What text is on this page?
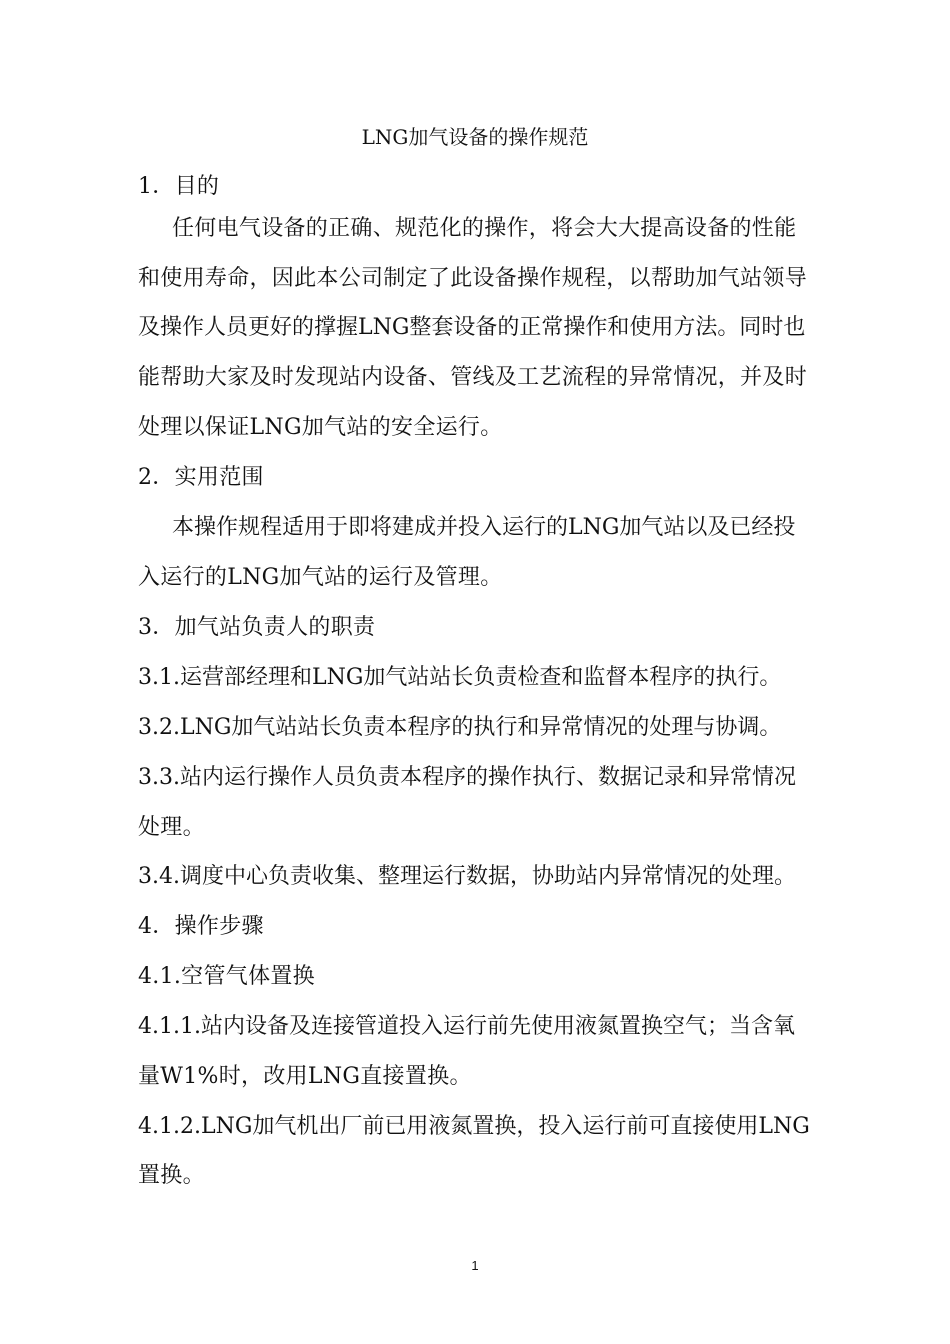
LNG加气设备的操作规范
1．目的
任何电气设备的正确、规范化的操作，将会大大提高设备的性能
和使用寿命，因此本公司制定了此设备操作规程，以帮助加气站领导
及操作人员更好的撑握LNG整套设备的正常操作和使用方法。同时也
能帮助大家及时发现站内设备、管线及工艺流程的异常情况，并及时
处理以保证LNG加气站的安全运行。
2．实用范围
本操作规程适用于即将建成并投入运行的LNG加气站以及已经投
入运行的LNG加气站的运行及管理。
3．加气站负责人的职责
3.1.运营部经理和LNG加气站站长负责检查和监督本程序的执行。
3.2.LNG加气站站长负责本程序的执行和异常情况的处理与协调。
3.3.站内运行操作人员负责本程序的操作执行、数据记录和异常情况
处理。
3.4.调度中心负责收集、整理运行数据，协助站内异常情况的处理。
4．操作步骤
4.1.空管气体置换
4.1.1.站内设备及连接管道投入运行前先使用液氮置换空气；当含氧
量W1%时，改用LNG直接置换。
4.1.2.LNG加气机出厂前已用液氮置换，投入运行前可直接使用LNG
置换。
1
